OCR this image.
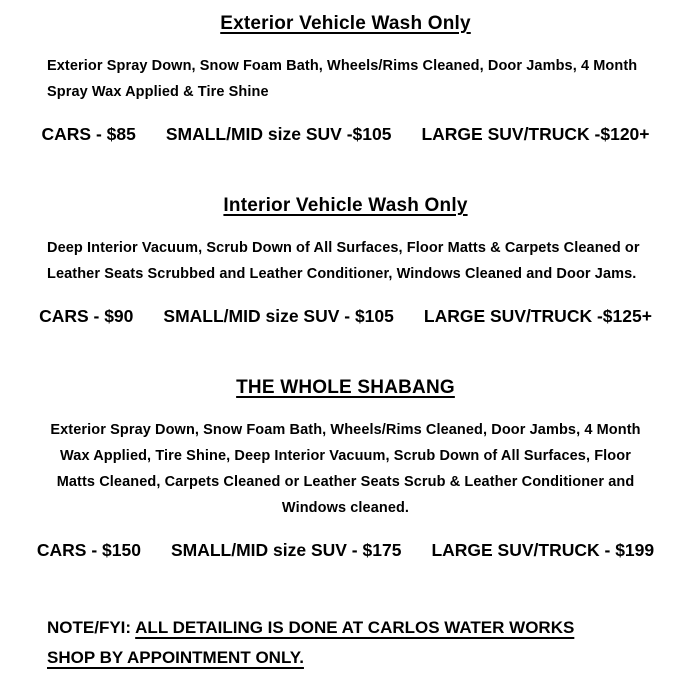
Exterior Vehicle Wash Only

Exterior Spray Down, Snow Foam Bath, Wheels/Rims Cleaned, Door Jambs, 4 Month Spray Wax Applied & Tire Shine

CARS - $85 SMALL/MID size SUV -$105 LARGE SUV/TRUCK -$120+
Interior Vehicle Wash Only

Deep Interior Vacuum, Scrub Down of All Surfaces, Floor Matts & Carpets Cleaned or Leather Seats Scrubbed and Leather Conditioner, Windows Cleaned and Door Jams.

CARS - $90 SMALL/MID size SUV - $105 LARGE SUV/TRUCK -$125+
THE WHOLE SHABANG

Exterior Spray Down, Snow Foam Bath, Wheels/Rims Cleaned, Door Jambs, 4 Month Wax Applied, Tire Shine, Deep Interior Vacuum, Scrub Down of All Surfaces, Floor Matts Cleaned, Carpets Cleaned or Leather Seats Scrub & Leather Conditioner and Windows cleaned.

CARS - $150 SMALL/MID size SUV - $175 LARGE SUV/TRUCK - $199

NOTE/FYI: ALL DETAILING IS DONE AT CARLOS WATER WORKS SHOP BY APPOINTMENT ONLY.
